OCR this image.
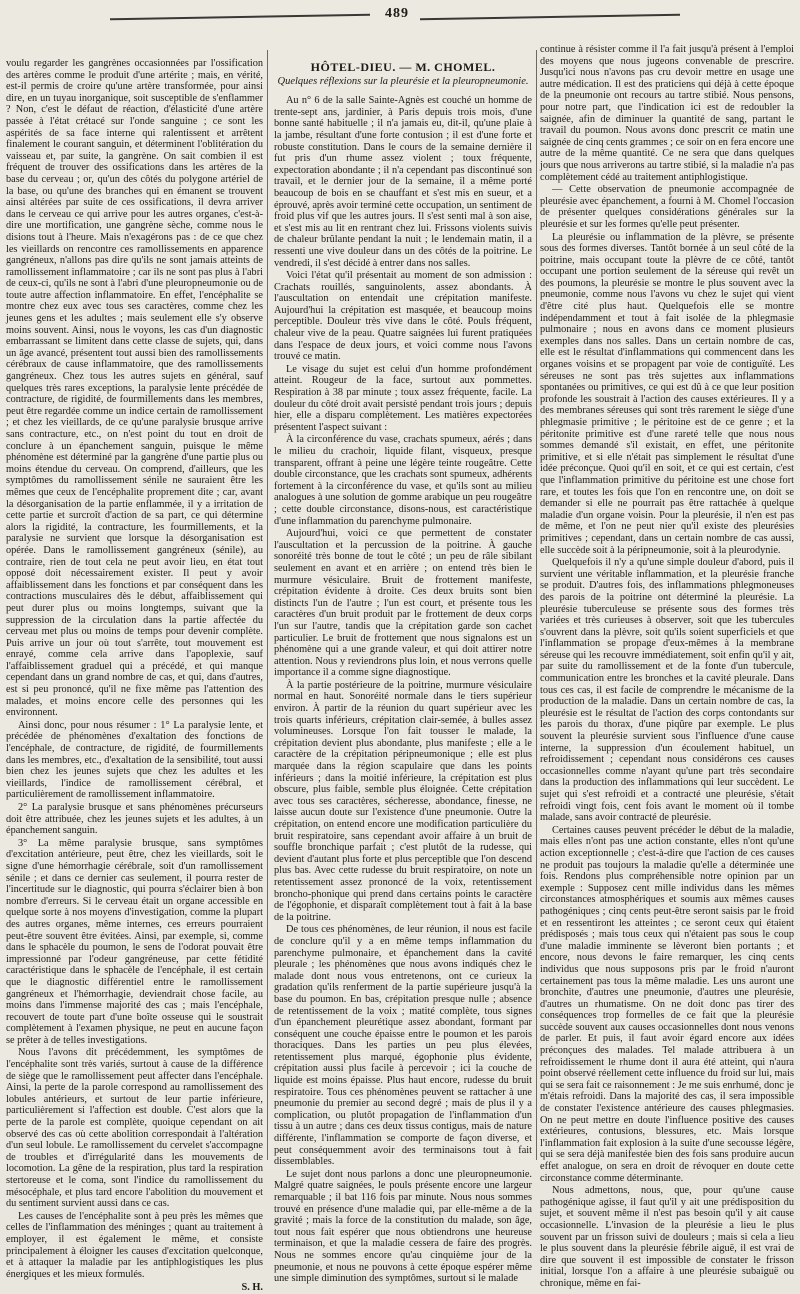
489

voulu regarder les gangrènes occasionnées par l'ossification des artères comme le produit d'une artérite ; mais, en vérité, est-il permis de croire qu'une artère transformée, pour ainsi dire, en un tuyau inorganique, soit susceptible de s'enflammer ? Non, c'est le défaut de réaction, d'élasticité d'une artère passée à l'état crétacé sur l'onde sanguine ; ce sont les aspérités de sa face interne qui ralentissent et arrêtent finalement le courant sanguin, et déterminent l'oblitération du vaisseau et, par suite, la gangrène. On sait combien il est fréquent de trouver des ossifications dans les artères de la base du cerveau ; or, qu'un des côtés du polygone artériel de la base, ou qu'une des branches qui en émanent se trouvent ainsi altérées par suite de ces ossifications, il devra arriver dans le cerveau ce qui arrive pour les autres organes, c'est-à-dire une mortification, une gangrène sèche, comme nous le disions tout à l'heure. Mais n'exagérons pas : de ce que chez les vieillards on rencontre ces ramollissements en apparence gangréneux, n'allons pas dire qu'ils ne sont jamais atteints de ramollissement inflammatoire ; car ils ne sont pas plus à l'abri de ceux-ci, qu'ils ne sont à l'abri d'une pleuropneumonie ou de toute autre affection inflammatoire. En effet, l'encéphalite se montre chez eux avec tous ses caractères, comme chez les jeunes gens et les adultes ; mais seulement elle s'y observe moins souvent. Ainsi, nous le voyons, les cas d'un diagnostic embarrassant se limitent dans cette classe de sujets, qui, dans un âge avancé, présentent tout aussi bien des ramollissements cérébraux de cause inflammatoire, que des ramollissements gangréneux. Chez tous les autres sujets en général, sauf quelques très rares exceptions, la paralysie lente précédée de contracture, de rigidité, de fourmillements dans les membres, peut être regardée comme un indice certain de ramollissement ; et chez les vieillards, de ce qu'une paralysie brusque arrive sans contracture, etc., on n'est point du tout en droit de conclure à un épanchement sanguin, puisque le même phénomène est déterminé par la gangrène d'une partie plus ou moins étendue du cerveau. On comprend, d'ailleurs, que les symptômes du ramollissement sénile ne sauraient être les mêmes que ceux de l'encéphalite proprement dite ; car, avant la désorganisation de la partie enflammée, il y a irritation de cette partie et surcroît d'action de sa part, ce qui détermine alors la rigidité, la contracture, les fourmillements, et la paralysie ne survient que lorsque la désorganisation est opérée. Dans le ramollissement gangréneux (sénile), au contraire, rien de tout cela ne peut avoir lieu, en état tout opposé doit nécessairement exister. Il peut y avoir affaiblissement dans les fonctions et par conséquent dans les contractions musculaires dès le début, affaiblissement qui peut durer plus ou moins longtemps, suivant que la suppression de la circulation dans la partie affectée du cerveau met plus ou moins de temps pour devenir complète. Puis arrive un jour où tout s'arrête, tout mouvement est enrayé, comme cela arrive dans l'apoplexie, sauf l'affaiblissement graduel qui a précédé, et qui manque cependant dans un grand nombre de cas, et qui, dans d'autres, est si peu prononcé, qu'il ne fixe même pas l'attention des malades, et moins encore celle des personnes qui les environnent.

Ainsi donc, pour nous résumer : 1° La paralysie lente, et précédée de phénomènes d'exaltation des fonctions de l'encéphale, de contracture, de rigidité, de fourmillements dans les membres, etc., d'exaltation de la sensibilité, tout aussi bien chez les jeunes sujets que chez les adultes et les vieillards, l'indice de ramollissement cérébral, et particulièrement de ramollissement inflammatoire.

2° La paralysie brusque et sans phénomènes précurseurs doit être attribuée, chez les jeunes sujets et les adultes, à un épanchement sanguin.

3° La même paralysie brusque, sans symptômes d'excitation antérieure, peut être, chez les vieillards, soit le signe d'une hémorrhagie cérébrale, soit d'un ramollissement sénile ; et dans ce dernier cas seulement, il pourra rester de l'incertitude sur le diagnostic, qui pourra s'éclairer bien à bon nombre d'erreurs. Si le cerveau était un organe accessible en quelque sorte à nos moyens d'investigation, comme la plupart des autres organes, même internes, ces erreurs pourraient peut-être souvent être évitées. Ainsi, par exemple, si, comme dans le sphacèle du poumon, le sens de l'odorat pouvait être impressionné par l'odeur gangréneuse, par cette fétidité caractéristique dans le sphacèle de l'encéphale, il est certain que le diagnostic différentiel entre le ramollissement gangréneux et l'hémorrhagie, deviendrait chose facile, au moins dans l'immense majorité des cas ; mais l'encéphale, recouvert de toute part d'une boîte osseuse qui le soustrait complètement à l'examen physique, ne peut en aucune façon se prêter à de telles investigations.

Nous l'avons dit précédemment, les symptômes de l'encéphalite sont très variés, surtout à cause de la différence de siège que le ramollissement peut affecter dans l'encéphale. Ainsi, la perte de la parole correspond au ramollissement des lobules antérieurs, et surtout de leur partie inférieure, particulièrement si l'affection est double. C'est alors que la perte de la parole est complète, quoique cependant on ait observé des cas où cette abolition correspondait à l'altération d'un seul lobule. Le ramollissement du cervelet s'accompagne de troubles et d'irrégularité dans les mouvements de locomotion. La gêne de la respiration, plus tard la respiration stertoreuse et le coma, sont l'indice du ramollissement du mésocéphale, et plus tard encore l'abolition du mouvement et du sentiment survient aussi dans ce cas.

Les causes de l'encéphalite sont à peu près les mêmes que celles de l'inflammation des méninges ; quant au traitement à employer, il est également le même, et consiste principalement à éloigner les causes d'excitation quelconque, et à attaquer la maladie par les antiphlogistiques les plus énergiques et les mieux formulés.

S. H.
HÔTEL-DIEU. — M. CHOMEL.
Quelques réflexions sur la pleurésie et la pleuropneumonie.

Au n° 6 de la salle Sainte-Agnès est couché un homme de trente-sept ans, jardinier, à Paris depuis trois mois, d'une bonne santé habituelle ; il n'a jamais eu, dit-il, qu'une plaie à la jambe, résultant d'une forte contusion ; il est d'une forte et robuste constitution. Dans le cours de la semaine dernière il fut pris d'un rhume assez violent ; toux fréquente, expectoration abondante ; il n'a cependant pas discontinué son travail, et le dernier jour de la semaine, il a même porté beaucoup de bois en se chauffant et s'est mis en sueur, et a éprouvé, après avoir terminé cette occupation, un sentiment de froid plus vif que les autres jours. Il s'est senti mal à son aise, et s'est mis au lit en rentrant chez lui. Frissons violents suivis de chaleur brûlante pendant la nuit ; le lendemain matin, il a ressenti une vive douleur dans un des côtés de la poitrine. Le vendredi, il s'est décidé à entrer dans nos salles.

Voici l'état qu'il présentait au moment de son admission : Crachats rouillés, sanguinolents, assez abondants. À l'auscultation on entendait une crépitation manifeste. Aujourd'hui la crépitation est masquée, et beaucoup moins perceptible. Douleur très vive dans le côté. Pouls fréquent, chaleur vive de la peau. Quatre saignées lui furent pratiquées dans l'espace de deux jours, et voici comme nous l'avons trouvé ce matin.

Le visage du sujet est celui d'un homme profondément atteint. Rougeur de la face, surtout aux pommettes. Respiration à 38 par minute ; toux assez fréquente, facile. La douleur du côté droit avait persisté pendant trois jours ; depuis hier, elle a disparu complètement. Les matières expectorées présentent l'aspect suivant :

À la circonférence du vase, crachats spumeux, aérés ; dans le milieu du crachoir, liquide filant, visqueux, presque transparent, offrant à peine une légère teinte rougeâtre. Cette double circonstance, que les crachats sont spumeux, adhérents fortement à la circonférence du vase, et qu'ils sont au milieu analogues à une solution de gomme arabique un peu rougeâtre ; cette double circonstance, disons-nous, est caractéristique d'une inflammation du parenchyme pulmonaire.

Aujourd'hui, voici ce que permettent de constater l'auscultation et la percussion de la poitrine. À gauche sonoréité très bonne de tout le côté ; un peu de râle sibilant seulement en avant et en arrière ; on entend très bien le murmure vésiculaire. Bruit de frottement manifeste, crépitation évidente à droite. Ces deux bruits sont bien distincts l'un de l'autre ; l'un est court, et présente tous les caractères d'un bruit produit par le frottement de deux corps l'un sur l'autre, tandis que la crépitation garde son cachet particulier. Le bruit de frottement que nous signalons est un phénomène qui a une grande valeur, et qui doit attirer notre attention. Nous y reviendrons plus loin, et nous verrons quelle importance il a comme signe diagnostique.

À la partie postérieure de la poitrine, murmure vésiculaire normal en haut. Sonoréité normale dans le tiers supérieur environ. À partir de la réunion du quart supérieur avec les trois quarts inférieurs, crépitation clair-semée, à bulles assez volumineuses. Lorsque l'on fait tousser le malade, la crépitation devient plus abondante, plus manifeste ; elle a le caractère de la crépitation péripneumonique ; elle est plus marquée dans la région scapulaire que dans les points inférieurs ; dans la moitié inférieure, la crépitation est plus obscure, plus faible, semble plus éloignée. Cette crépitation avec tous ses caractères, sécheresse, abondance, finesse, ne laisse aucun doute sur l'existence d'une pneumonie. Outre la crépitation, on entend encore une modification particulière du bruit respiratoire, sans cependant avoir affaire à un bruit de souffle bronchique parfait ; c'est plutôt de la rudesse, qui devient d'autant plus forte et plus perceptible que l'on descend plus bas. Avec cette rudesse du bruit respiratoire, on note un retentissement assez prononcé de la voix, retentissement broncho-phonique qui prend dans certains points le caractère de l'égophonie, et disparaît complètement tout à fait à la base de la poitrine.

De tous ces phénomènes, de leur réunion, il nous est facile de conclure qu'il y a en même temps inflammation du parenchyme pulmonaire, et épanchement dans la cavité pleurale ; les phénomènes que nous avons indiqués chez le malade dont nous vous entretenons, ont ce curieux la gradation qu'ils renferment de la partie supérieure jusqu'à la base du poumon. En bas, crépitation presque nulle ; absence de retentissement de la voix ; matité complète, tous signes d'un épanchement pleurétique assez abondant, formant par conséquent une couche épaisse entre le poumon et les parois thoraciques. Dans les parties un peu plus élevées, retentissement plus marqué, égophonie plus évidente, crépitation aussi plus facile à percevoir ; ici la couche de liquide est moins épaisse. Plus haut encore, rudesse du bruit respiratoire. Tous ces phénomènes peuvent se rattacher à une pneumonie du premier au second degré ; mais de plus il y a complication, ou plutôt propagation de l'inflammation d'un tissu à un autre ; dans ces deux tissus contigus, mais de nature différente, l'inflammation se comporte de façon diverse, et peut conséquemment avoir des terminaisons tout à fait dissemblables.

Le sujet dont nous parlons a donc une pleuropneumonie. Malgré quatre saignées, le pouls présente encore une largeur remarquable ; il bat 116 fois par minute. Nous nous sommes trouvé en présence d'une maladie qui, par elle-même a de la gravité ; mais la force de la constitution du malade, son âge, tout nous fait espérer que nous obtiendrons une heureuse terminaison, et que la maladie cessera de faire des progrès. Nous ne sommes encore qu'au cinquième jour de la pneumonie, et nous ne pouvons à cette époque espérer même une simple diminution des symptômes, surtout si le malade

continue à résister comme il l'a fait jusqu'à présent à l'emploi des moyens que nous jugeons convenable de prescrire. Jusqu'ici nous n'avons pas cru devoir mettre en usage une autre médication. Il est des praticiens qui déjà à cette époque de la pneumonie ont recours au tartre stibié. Nous pensons, pour notre part, que l'indication ici est de redoubler la saignée, afin de diminuer la quantité de sang, partant le travail du poumon. Nous avons donc prescrit ce matin une saignée de cinq cents grammes ; ce soir on en fera encore une autre de la même quantité. Ce ne sera que dans quelques jours que nous arriverons au tartre stibié, si la maladie n'a pas complètement cédé au traitement antiphlogistique.

— Cette observation de pneumonie accompagnée de pleurésie avec épanchement, a fourni à M. Chomel l'occasion de présenter quelques considérations générales sur la pleurésie et sur les formes qu'elle peut présenter.

La pleurésie ou inflammation de la plèvre, se présente sous des formes diverses. Tantôt bornée à un seul côté de la poitrine, mais occupant toute la plèvre de ce côté, tantôt occupant une portion seulement de la séreuse qui revêt un des poumons, la pleurésie se montre le plus souvent avec la pneumonie, comme nous l'avons vu chez le sujet qui vient d'être cité plus haut. Quelquefois elle se montre indépendamment et tout à fait isolée de la phlegmasie pulmonaire ; nous en avons dans ce moment plusieurs exemples dans nos salles. Dans un certain nombre de cas, elle est le résultat d'inflammations qui commencent dans les organes voisins et se propagent par voie de contiguïté. Les séreuses ne sont pas très sujettes aux inflammations spontanées ou primitives, ce qui est dû à ce que leur position profonde les soustrait à l'action des causes extérieures. Il y a des membranes séreuses qui sont très rarement le siège d'une phlegmasie primitive ; le péritoine est de ce genre ; et la péritonite primitive est d'une rareté telle que nous nous sommes demandé s'il existait, en effet, une péritonite primitive, et si elle n'était pas simplement le résultat d'une idée préconçue. Quoi qu'il en soit, et ce qui est certain, c'est que l'inflammation primitive du péritoine est une chose fort rare, et toutes les fois que l'on en rencontre une, on doit se demander si elle ne pourrait pas être rattachée à quelque maladie d'un organe voisin. Pour la pleurésie, il n'en est pas de même, et l'on ne peut nier qu'il existe des pleurésies primitives ; cependant, dans un certain nombre de cas aussi, elle succède soit à la péripneumonie, soit à la pleurodynie.

Quelquefois il n'y a qu'une simple douleur d'abord, puis il survient une véritable inflammation, et la pleurésie franche se produit. D'autres fois, des inflammations phlegmoneuses des parois de la poitrine ont déterminé la pleurésie. La pleurésie tuberculeuse se présente sous des formes très variées et très curieuses à observer, soit que les tubercules s'ouvrent dans la plèvre, soit qu'ils soient superficiels et que l'inflammation se propage d'eux-mêmes à la membrane séreuse qui les recouvre immédiatement, soit enfin qu'il y ait, par suite du ramollissement et de la fonte d'un tubercule, communication entre les bronches et la cavité pleurale. Dans tous ces cas, il est facile de comprendre le mécanisme de la production de la maladie. Dans un certain nombre de cas, la pleurésie est le résultat de l'action des corps contondants sur les parois du thorax, d'une piqûre par exemple. Le plus souvent la pleurésie survient sous l'influence d'une cause interne, la suppression d'un écoulement habituel, un refroidissement ; cependant nous considérons ces causes occasionnelles comme n'ayant qu'une part très secondaire dans la production des inflammations qui leur succèdent. Le sujet qui s'est refroidi et a contracté une pleurésie, s'était refroidi vingt fois, cent fois avant le moment où il tombe malade, sans avoir contracté de pleurésie.

Certaines causes peuvent précéder le début de la maladie, mais elles n'ont pas une action constante, elles n'ont qu'une action exceptionnelle ; c'est-à-dire que l'action de ces causes ne produit pas toujours la maladie qu'elle a déterminée une fois. Rendons plus compréhensible notre opinion par un exemple : Supposez cent mille individus dans les mêmes circonstances atmosphériques et soumis aux mêmes causes pathogéniques ; cinq cents peut-être seront saisis par le froid et en ressentiront les atteintes ; ce seront ceux qui étaient prédisposés ; mais tous ceux qui n'étaient pas sous le coup d'une maladie imminente se lèveront bien portants ; et encore, nous devons le faire remarquer, les cinq cents individus que nous supposons pris par le froid n'auront certainement pas tous la même maladie. Les uns auront une bronchite, d'autres une pneumonie, d'autres une pleurésie, d'autres un rhumatisme. On ne doit donc pas tirer des conséquences trop formelles de ce fait que la pleurésie succède souvent aux causes occasionnelles dont nous venons de parler. Et puis, il faut avoir égard encore aux idées préconçues des malades. Tel malade attribuera à un refroidissement le rhume dont il aura été atteint, qui n'aura point observé réellement cette influence du froid sur lui, mais qui se sera fait ce raisonnement : Je me suis enrhumé, donc je m'étais refroidi. Dans la majorité des cas, il sera impossible de constater l'existence antérieure des causes phlegmasies. On ne peut mettre en doute l'influence positive des causes extérieures, contusions, blessures, etc. Mais lorsque l'inflammation fait explosion à la suite d'une secousse légère, qui se sera déjà manifestée bien des fois sans produire aucun effet analogue, on sera en droit de révoquer en doute cette circonstance comme déterminante.

Nous admettons, nous, que, pour qu'une cause pathogénique agisse, il faut qu'il y ait une prédisposition du sujet, et souvent même il n'est pas besoin qu'il y ait cause occasionnelle. L'invasion de la pleurésie a lieu le plus souvent par un frisson suivi de douleurs ; mais si cela a lieu le plus souvent dans la pleurésie fébrile aiguë, il est vrai de dire que souvent il est impossible de constater le frisson initial, lorsque l'on a affaire à une pleurésie subaiguë ou chronique, même en fai-
